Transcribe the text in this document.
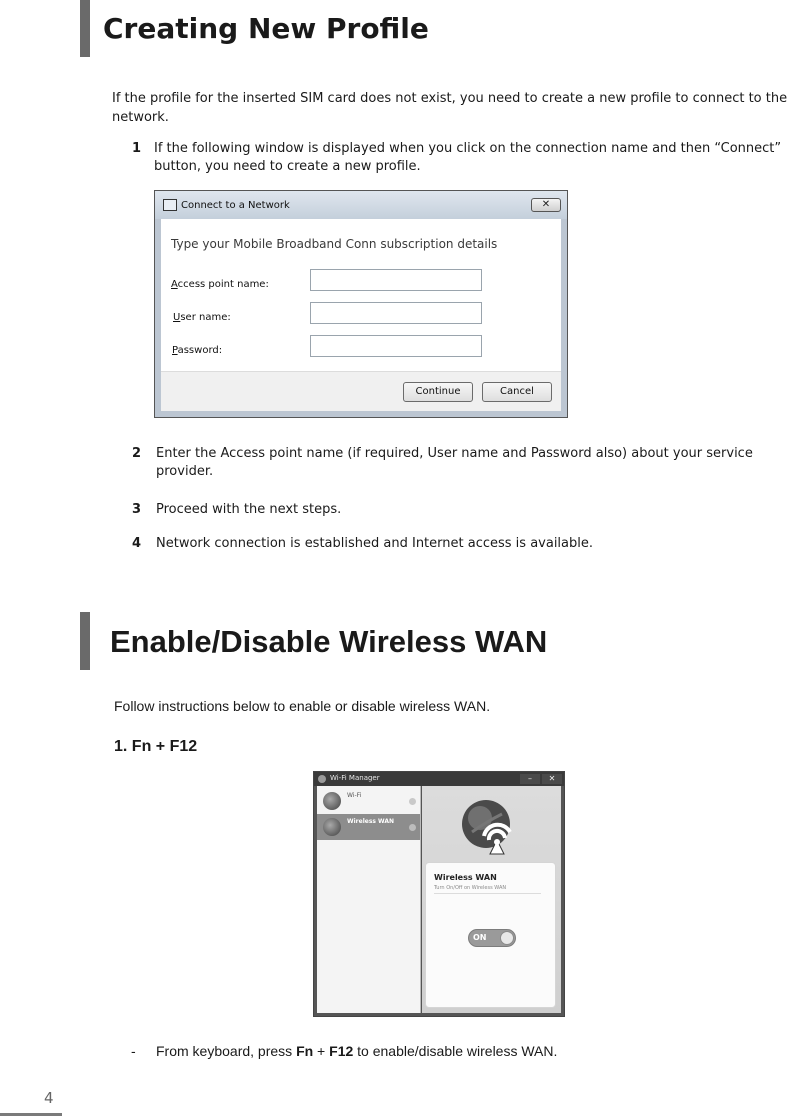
Creating New Profile
If the profile for the inserted SIM card does not exist, you need to create a new profile to connect to the network.
1 If the following window is displayed when you click on the connection name and then “Connect” button, you need to create a new profile.
Connect to a Network	✕
Type your Mobile Broadband Conn subscription details
Access point name:
User name:
Password:
Continue	Cancel
2 Enter the Access point name (if required, User name and Password also) about your service provider.
3 Proceed with the next steps.
4 Network connection is established and Internet access is available.
Enable/Disable Wireless WAN
Follow instructions below to enable or disable wireless WAN.
1. Fn + F12
Wi-Fi Manager	–	✕
Wi-Fi
Wireless WAN
Wireless WAN
Turn On/Off on Wireless WAN
ON
- From keyboard, press Fn + F12 to enable/disable wireless WAN.
4
